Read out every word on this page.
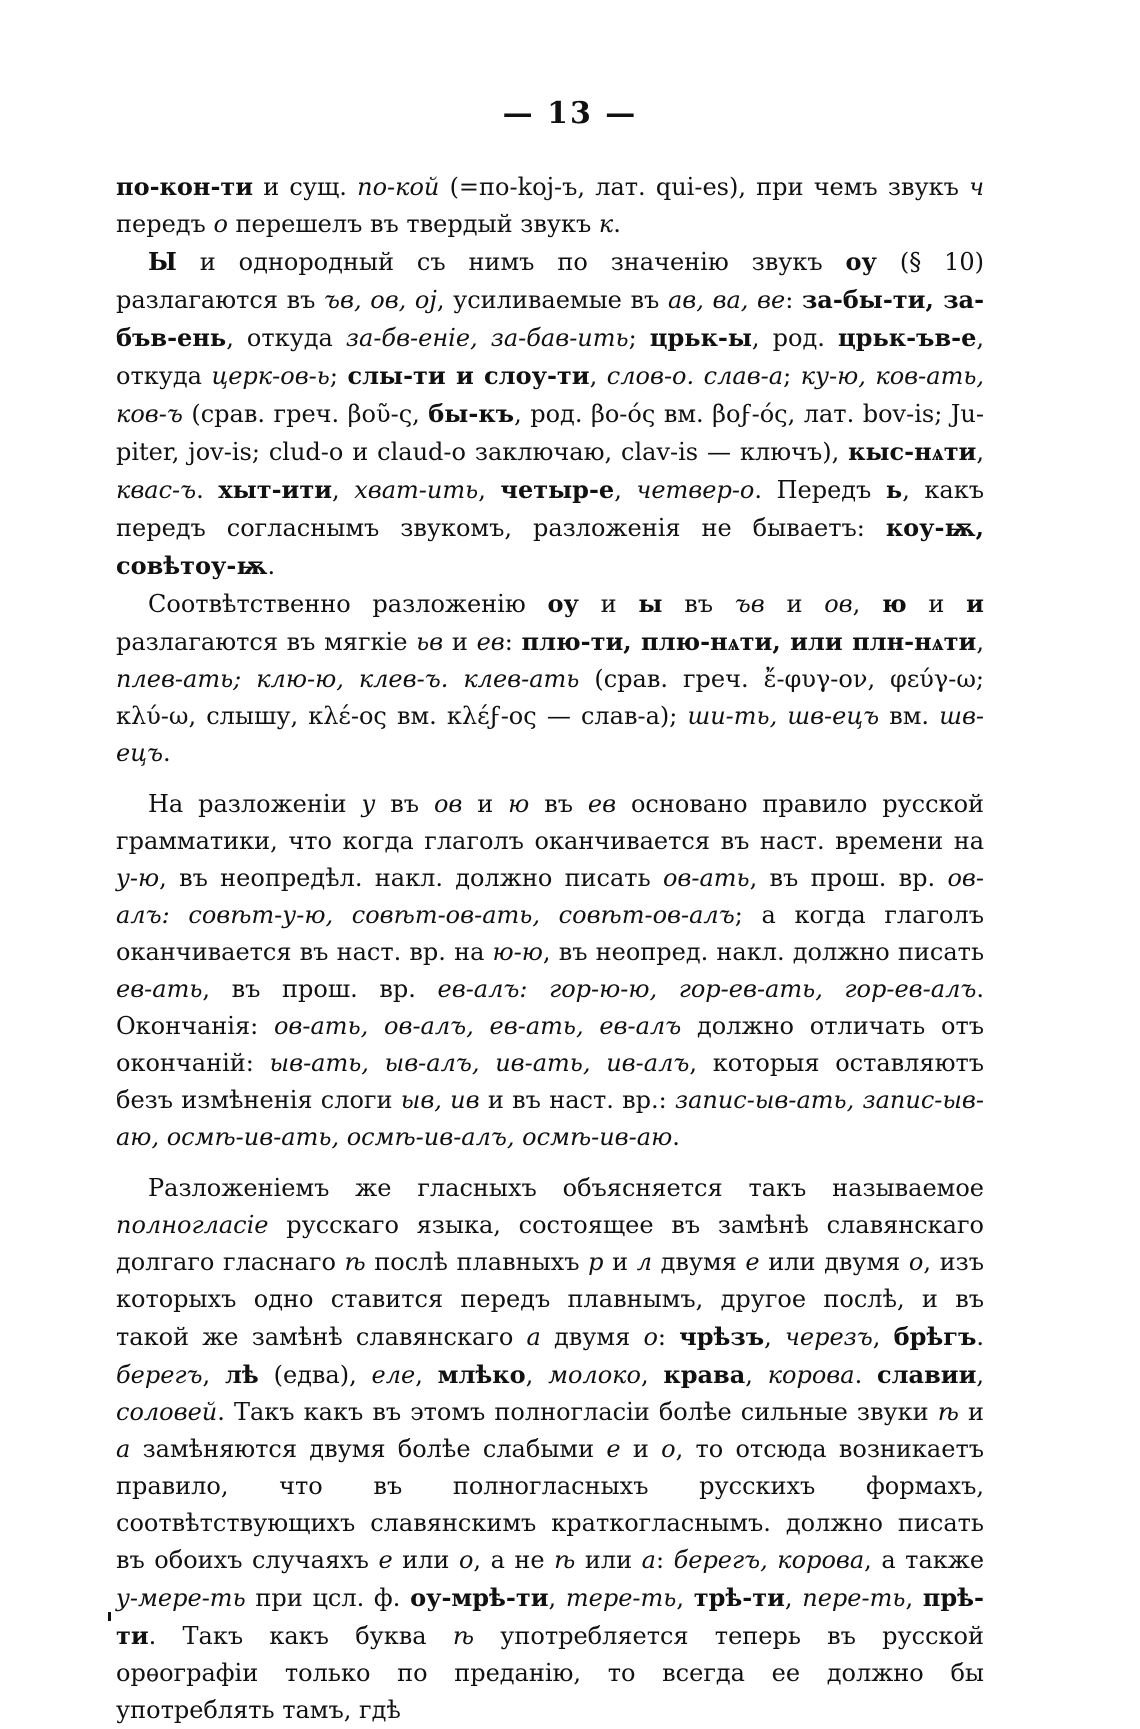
— 13 —

по-кон-ти и сущ. по-кой (=по-koj-ъ, лат. qui-es), при чемъ звукъ ч передъ о перешелъ въ твердый звукъ к.

Ы и однородный съ нимъ по значенію звукъ оу (§ 10) разлагаются въ ъв, ов, oj, усиливаемые въ ав, ва, ве: за-бы-ти, за-бъв-ень, откуда за-бв-еніе, за-бав-ить; црьк-ы, род. црьк-ъв-е, откуда церк-ов-ь; слы-ти и слоу-ти, слов-о. слав-а; ку-ю, ков-ать, ков-ъ (срав. греч. βοῦ-ς, бы-къ, род. βο-ός вм. βοϝ-ός, лат. bov-is; Ju-piter, jov-is; clud-o и claud-o заключаю, clav-is — ключъ), кыс-нѧти, квас-ъ. хыт-ити, хват-ить, четыр-е, четвер-о. Передъ ь, какъ передъ согласнымъ звукомъ, разложенія не бываетъ: коу-ѭ, совѣтоу-ѭ.

Соотвѣтственно разложенію оу и ы въ ъв и ов, ю и и разлагаются въ мягкіе ьв и ев: плю-ти, плю-нѧти, или плн-нѧти, плев-ать; клю-ю, клев-ъ. клев-ать (срав. греч. ἔ-φυγ-ον, φεύγ-ω; κλύ-ω, слышу, κλέ-ος вм. κλέϝ-ος — слав-а); ши-ть, шв-ецъ вм. шв-ецъ.

На разложеніи у въ ов и ю въ ев основано правило русской грамматики, что когда глаголъ оканчивается въ наст. времени на у-ю, въ неопредѣл. накл. должно писать ов-ать, въ прош. вр. ов-алъ: совѣт-у-ю, совѣт-ов-ать, совѣт-ов-алъ; а когда глаголъ оканчивается въ наст. вр. на ю-ю, въ неопред. накл. должно писать ев-ать, въ прош. вр. ев-алъ: гор-ю-ю, гор-ев-ать, гор-ев-алъ. Окончанія: ов-ать, ов-алъ, ев-ать, ев-алъ должно отличать отъ окончаній: ыв-ать, ыв-алъ, ив-ать, ив-алъ, которыя оставляютъ безъ измѣненія слоги ыв, ив и въ наст. вр.: запис-ыв-ать, запис-ыв-аю, осмѣ-ив-ать, осмѣ-ив-алъ, осмѣ-ив-аю.

Разложеніемъ же гласныхъ объясняется такъ называемое полногласіе русскаго языка, состоящее въ замѣнѣ славянскаго долгаго гласнаго ѣ послѣ плавныхъ р и л двумя е или двумя о, изъ которыхъ одно ставится передъ плавнымъ, другое послѣ, и въ такой же замѣнѣ славянскаго а двумя о: чрѣзъ, черезъ, брѣгъ. берегъ, лѣ (едва), еле, млѣко, молоко, крава, корова. славии, соловей. Такъ какъ въ этомъ полногласіи болѣе сильные звуки ѣ и а замѣняются двумя болѣе слабыми е и о, то отсюда возникаетъ правило, что въ полногласныхъ русскихъ формахъ, соотвѣтствующихъ славянскимъ краткогласнымъ. должно писать въ обоихъ случаяхъ е или о, а не ѣ или а: берегъ, корова, а также у-мере-ть при цсл. ф. оу-мрѣ-ти, тере-ть, трѣ-ти, пере-ть, прѣ-ти. Такъ какъ буква ѣ употребляется теперь въ русской орѳографіи только по преданію, то всегда ее должно бы употреблять тамъ, гдѣ
